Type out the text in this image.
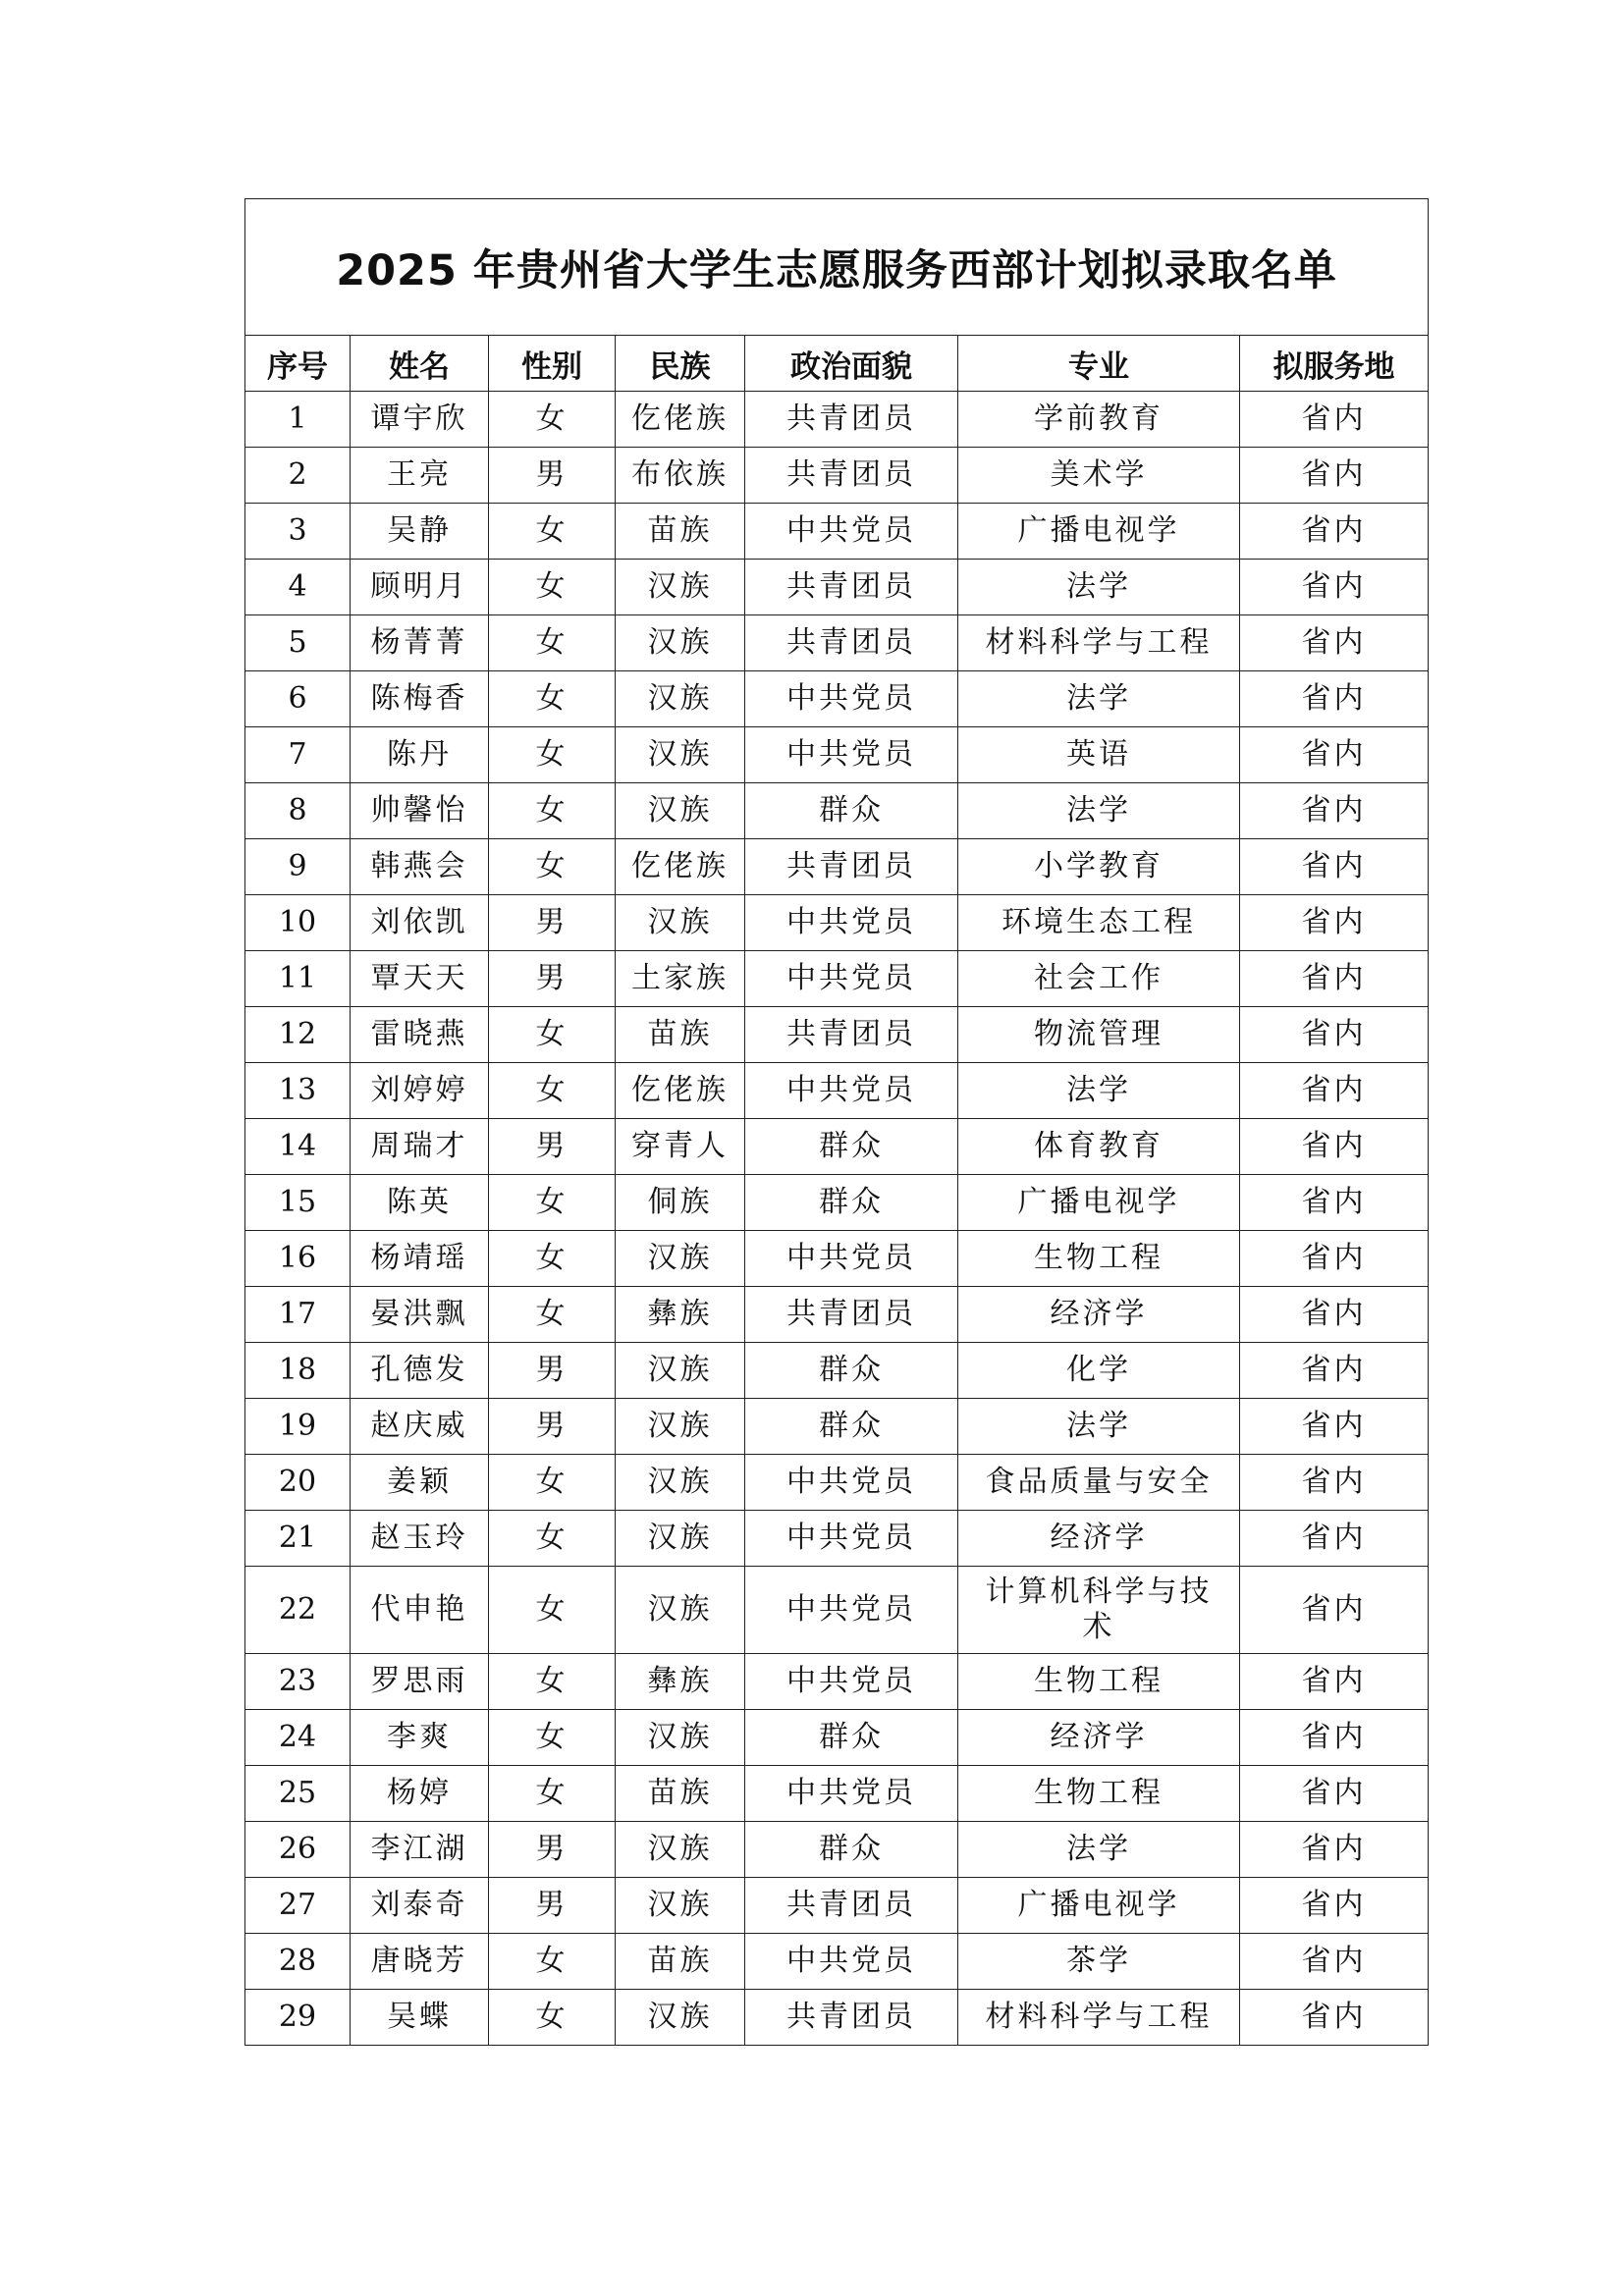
2025 年贵州省大学生志愿服务西部计划拟录取名单						
序号	姓名	性别	民族	政治面貌	专业	拟服务地
1	谭宇欣	女	仡佬族	共青团员	学前教育	省内
2	王亮	男	布依族	共青团员	美术学	省内
3	吴静	女	苗族	中共党员	广播电视学	省内
4	顾明月	女	汉族	共青团员	法学	省内
5	杨菁菁	女	汉族	共青团员	材料科学与工程	省内
6	陈梅香	女	汉族	中共党员	法学	省内
7	陈丹	女	汉族	中共党员	英语	省内
8	帅馨怡	女	汉族	群众	法学	省内
9	韩燕会	女	仡佬族	共青团员	小学教育	省内
10	刘依凯	男	汉族	中共党员	环境生态工程	省内
11	覃天天	男	土家族	中共党员	社会工作	省内
12	雷晓燕	女	苗族	共青团员	物流管理	省内
13	刘婷婷	女	仡佬族	中共党员	法学	省内
14	周瑞才	男	穿青人	群众	体育教育	省内
15	陈英	女	侗族	群众	广播电视学	省内
16	杨靖瑶	女	汉族	中共党员	生物工程	省内
17	晏洪飘	女	彝族	共青团员	经济学	省内
18	孔德发	男	汉族	群众	化学	省内
19	赵庆威	男	汉族	群众	法学	省内
20	姜颖	女	汉族	中共党员	食品质量与安全	省内
21	赵玉玲	女	汉族	中共党员	经济学	省内
22	代申艳	女	汉族	中共党员	计算机科学与技术	省内
23	罗思雨	女	彝族	中共党员	生物工程	省内
24	李爽	女	汉族	群众	经济学	省内
25	杨婷	女	苗族	中共党员	生物工程	省内
26	李江湖	男	汉族	群众	法学	省内
27	刘泰奇	男	汉族	共青团员	广播电视学	省内
28	唐晓芳	女	苗族	中共党员	茶学	省内
29	吴蝶	女	汉族	共青团员	材料科学与工程	省内
